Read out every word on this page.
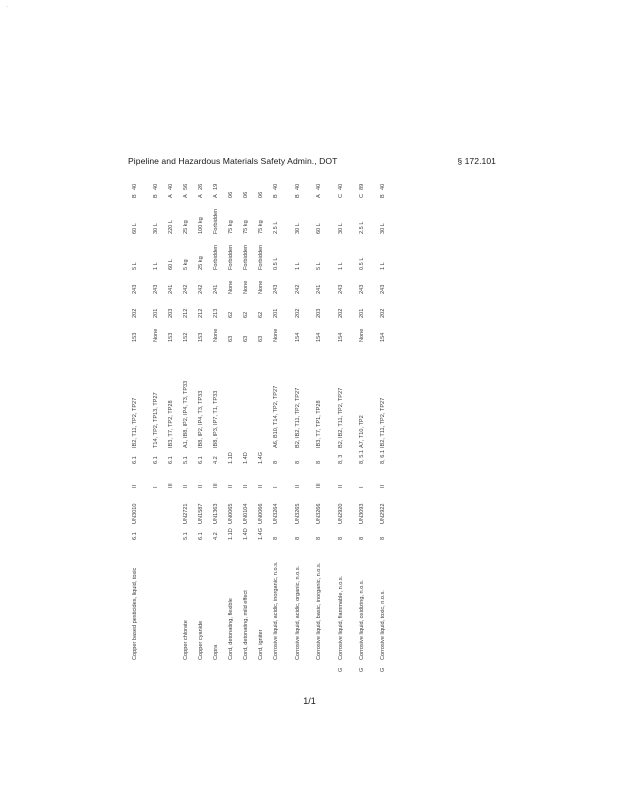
·
Pipeline and Hazardous Materials Safety Admin., DOT	§ 172.101
Copper based pesticides, liquid, toxic
6.1
UN3010
II
6.1
IB2, T11, TP2, TP27
153
202
243
5 L
60 L
B
40
I
6.1
T14, TP2, TP13, TP27
None
201
243
1 L
30 L
B
40
III
6.1
IB3, T7, TP2, TP28
153
203
241
60 L
220 L
A
40
Copper chlorate
5.1
UN2721
II
5.1
A1, IB8, IP2, IP4, T3, TP33
152
212
242
5 kg
25 kg
A
56
Copper cyanide
6.1
UN1587
II
6.1
IB8, IP2, IP4, T3, TP33
153
212
242
25 kg
100 kg
A
26
Copra
4.2
UN1363
III
4.2
IB8, IP3, IP7, T1, TP33
None
213
241
Forbidden
Forbidden
A
19
Cord, detonating, flexible
1.1D
UN0065
II
1.1D
63
62
None
Forbidden
75 kg
06
Cord, detonating, mild effect
1.4D
UN0104
II
1.4D
63
62
None
Forbidden
75 kg
06
Cord, igniter
1.4G
UN0066
II
1.4G
63
62
None
Forbidden
75 kg
06
Corrosive liquid, acidic, inorganic, n.o.s.
8
UN3264
I
8
A6, B10, T14, TP2, TP27
None
201
243
0.5 L
2.5 L
B
40
Corrosive liquid, acidic, organic, n.o.s.
8
UN3265
II
8
B2, IB2, T11, TP2, TP27
154
202
242
1 L
30 L
B
40
Corrosive liquid, basic, inorganic, n.o.s.
8
UN3266
III
8
IB3, T7, TP1, TP28
154
203
241
5 L
60 L
A
40
G
Corrosive liquid, flammable, n.o.s.
8
UN2920
II
8, 3
B2, IB2, T11, TP2, TP27
154
202
243
1 L
30 L
C
40
G
Corrosive liquid, oxidizing, n.o.s.
8
UN3093
I
8, 5.1
A7, T10, TP2
None
201
243
0.5 L
2.5 L
C
89
G
Corrosive liquid, toxic, n.o.s.
8
UN2922
II
8, 6.1
IB2, T11, TP2, TP27
154
202
243
1 L
30 L
B
40
1/1
